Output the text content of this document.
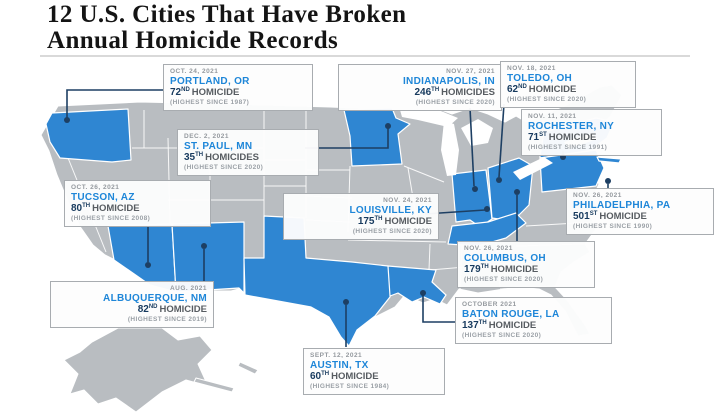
12 U.S. Cities That Have Broken
Annual Homicide Records
OCT. 24, 2021
PORTLAND, OR
72ND HOMICIDE
(HIGHEST SINCE 1987)
NOV. 27, 2021
INDIANAPOLIS, IN
246TH HOMICIDES
(HIGHEST SINCE 2020)
NOV. 18, 2021
TOLEDO, OH
62ND HOMICIDE
(HIGHEST SINCE 2020)
NOV. 11, 2021
ROCHESTER, NY
71ST HOMICIDE
(HIGHEST SINCE 1991)
DEC. 2, 2021
ST. PAUL, MN
35TH HOMICIDES
(HIGHEST SINCE 2020)
OCT. 26, 2021
TUCSON, AZ
80TH HOMICIDE
(HIGHEST SINCE 2008)
NOV. 24, 2021
LOUISVILLE, KY
175TH HOMICIDE
(HIGHEST SINCE 2020)
NOV. 26, 2021
PHILADELPHIA, PA
501ST HOMICIDE
(HIGHEST SINCE 1990)
NOV. 26, 2021
COLUMBUS, OH
179TH HOMICIDE
(HIGHEST SINCE 2020)
OCTOBER 2021
BATON ROUGE, LA
137TH HOMICIDE
(HIGHEST SINCE 2020)
AUG. 2021
ALBUQUERQUE, NM
82ND HOMICIDE
(HIGHEST SINCE 2019)
SEPT. 12, 2021
AUSTIN, TX
60TH HOMICIDE
(HIGHEST SINCE 1984)
